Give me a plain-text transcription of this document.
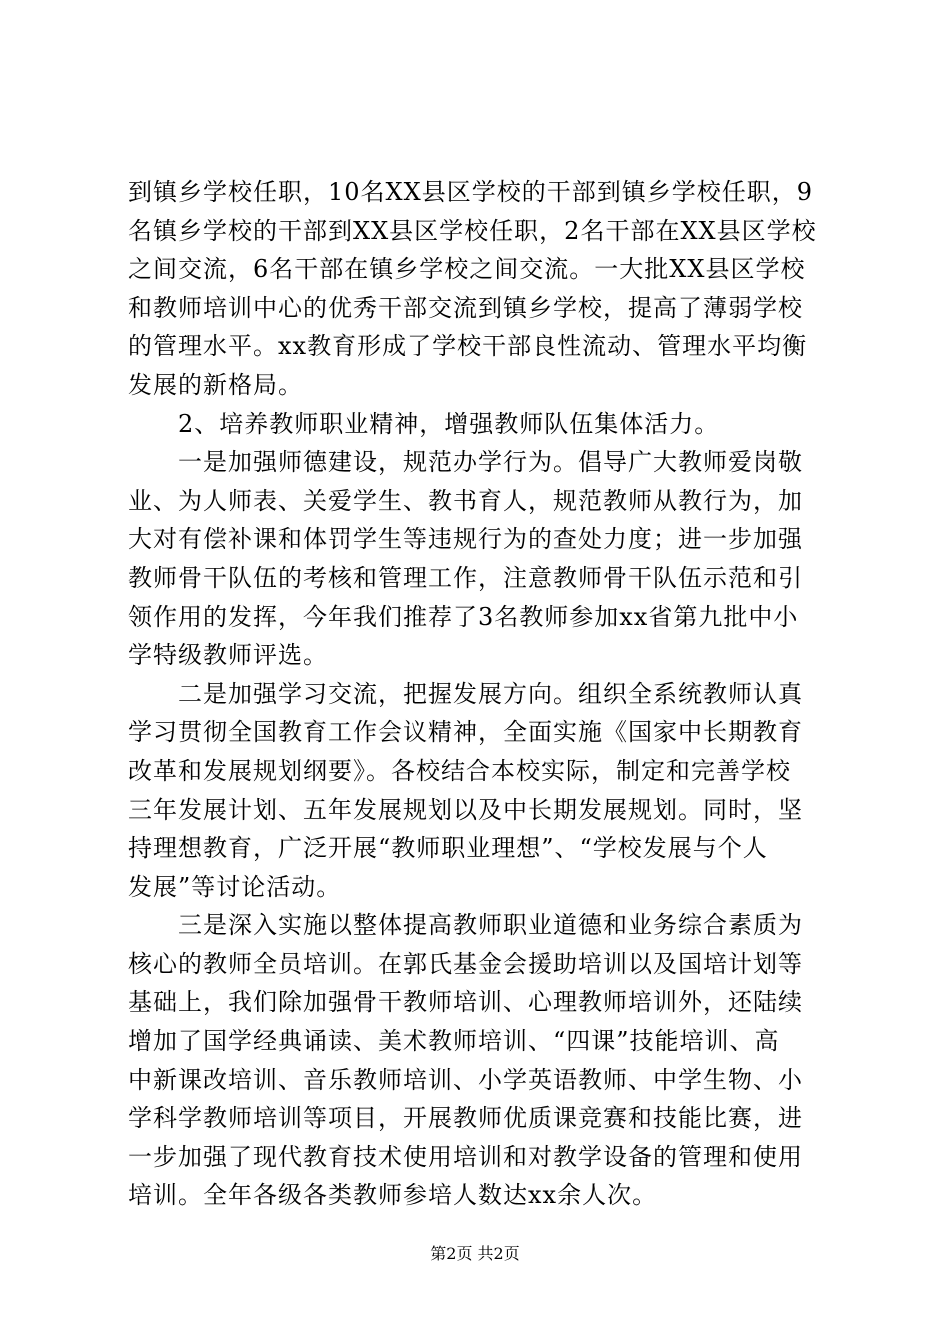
到镇乡学校任职，10名XX县区学校的干部到镇乡学校任职，9
名镇乡学校的干部到XX县区学校任职，2名干部在XX县区学校
之间交流，6名干部在镇乡学校之间交流。一大批XX县区学校
和教师培训中心的优秀干部交流到镇乡学校，提高了薄弱学校
的管理水平。xx教育形成了学校干部良性流动、管理水平均衡
发展的新格局。
　　2、培养教师职业精神，增强教师队伍集体活力。
　　一是加强师德建设，规范办学行为。倡导广大教师爱岗敬
业、为人师表、关爱学生、教书育人，规范教师从教行为，加
大对有偿补课和体罚学生等违规行为的查处力度；进一步加强
教师骨干队伍的考核和管理工作，注意教师骨干队伍示范和引
领作用的发挥，今年我们推荐了3名教师参加xx省第九批中小
学特级教师评选。
　　二是加强学习交流，把握发展方向。组织全系统教师认真
学习贯彻全国教育工作会议精神，全面实施《国家中长期教育
改革和发展规划纲要》。各校结合本校实际，制定和完善学校
三年发展计划、五年发展规划以及中长期发展规划。同时，坚
持理想教育，广泛开展“教师职业理想”、“学校发展与个人
发展”等讨论活动。
　　三是深入实施以整体提高教师职业道德和业务综合素质为
核心的教师全员培训。在郭氏基金会援助培训以及国培计划等
基础上，我们除加强骨干教师培训、心理教师培训外，还陆续
增加了国学经典诵读、美术教师培训、“四课”技能培训、高
中新课改培训、音乐教师培训、小学英语教师、中学生物、小
学科学教师培训等项目，开展教师优质课竞赛和技能比赛，进
一步加强了现代教育技术使用培训和对教学设备的管理和使用
培训。全年各级各类教师参培人数达xx余人次。
第2页 共2页
